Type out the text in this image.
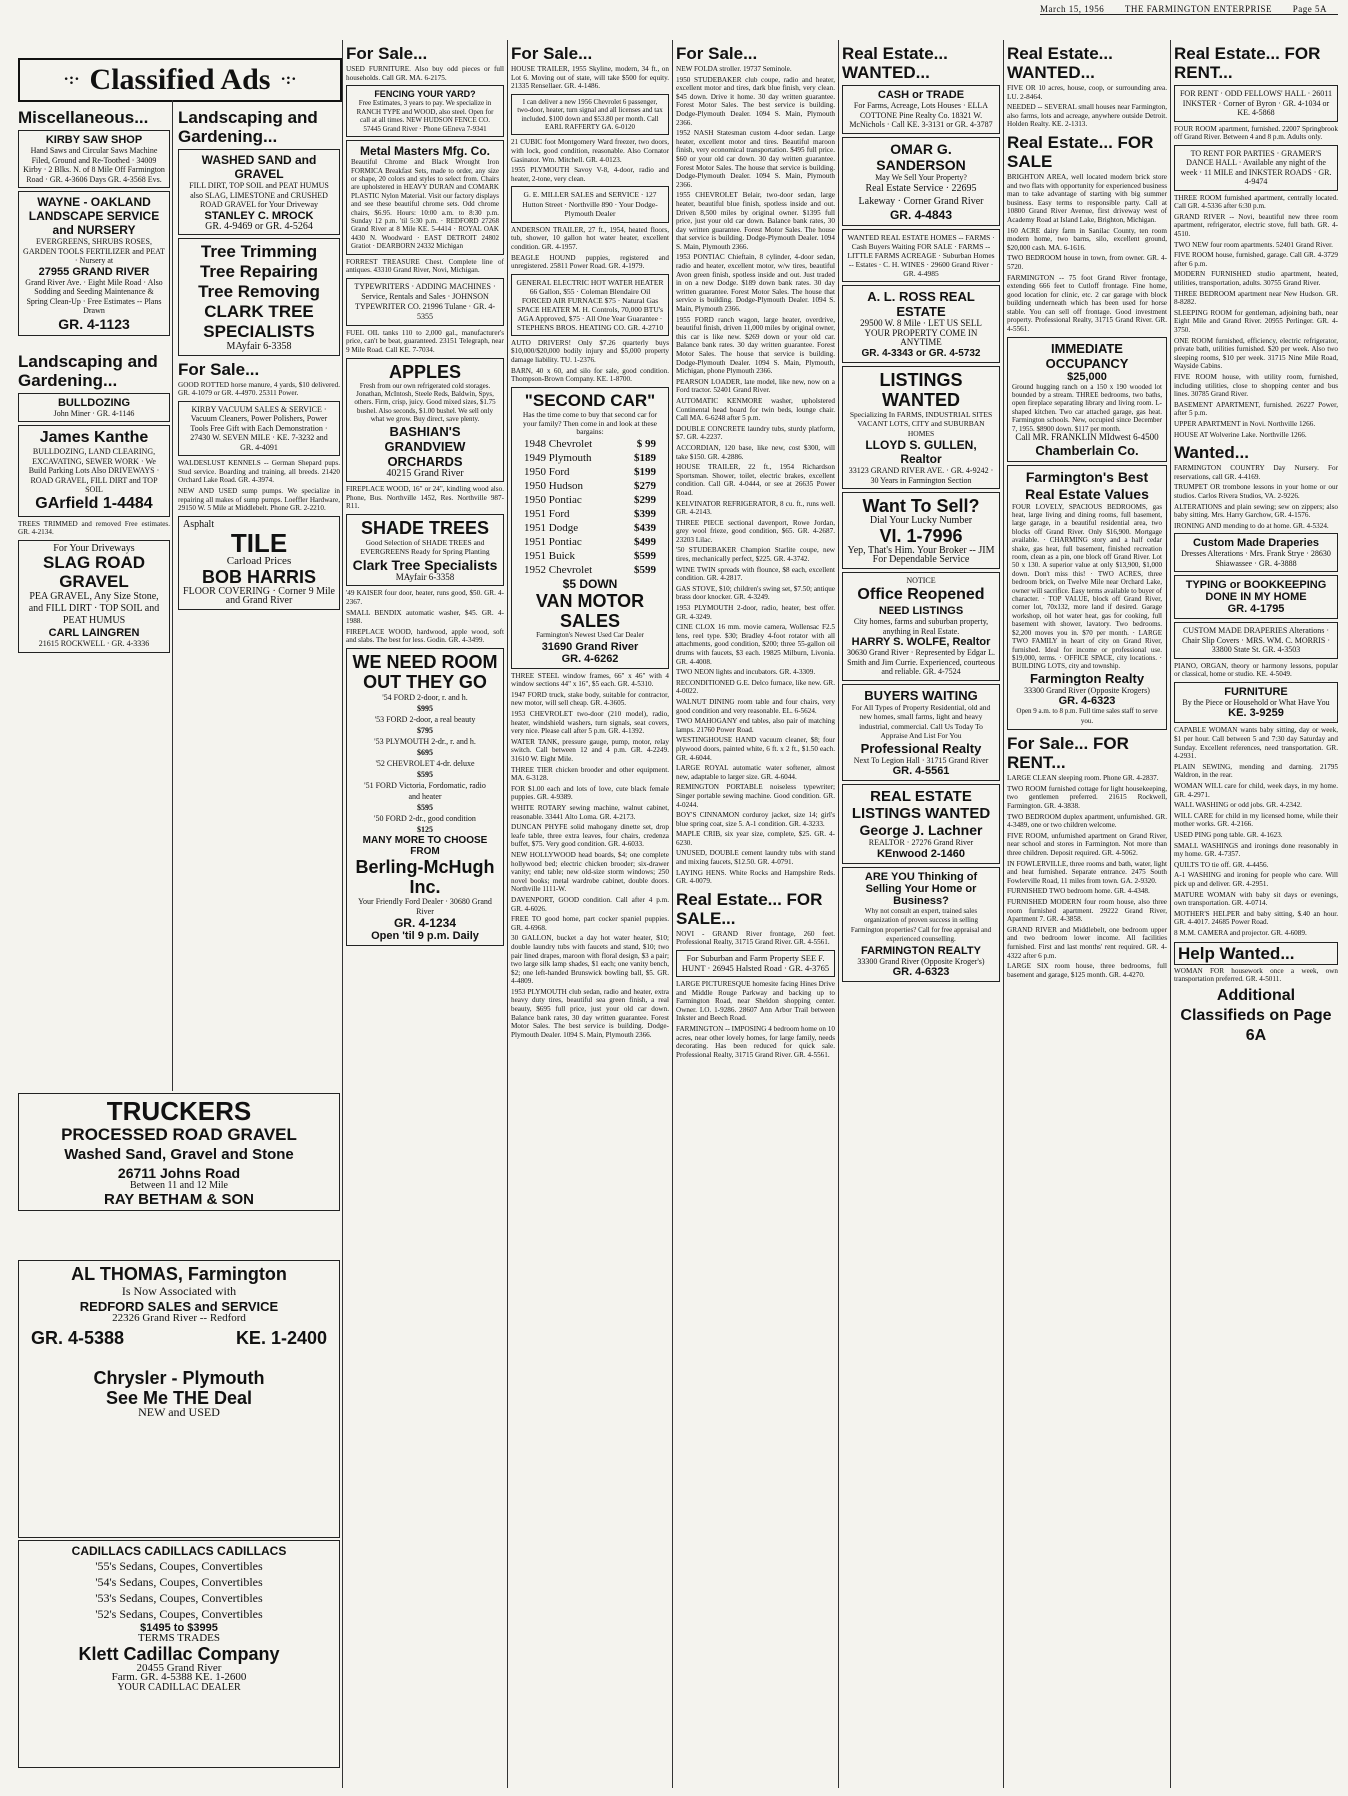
March 15, 1956 THE FARMINGTON ENTERPRISE Page 5A
·:· Classified Ads ·:·
Miscellaneous...
KIRBY SAW SHOP
Hand Saws and Circular Saws Machine Filed, Ground and Re-Toothed · 34009 Kirby · 2 Blks. N. of 8 Mile Off Farmington Road · GR. 4-3606 Days GR. 4-3568 Evs.
WAYNE - OAKLAND LANDSCAPE SERVICE and NURSERY
EVERGREENS, SHRUBS ROSES, GARDEN TOOLS FERTILIZER and PEAT · Nursery at
27955 GRAND RIVER
Grand River Ave. · Eight Mile Road · Also Sodding and Seeding Maintenance & Spring Clean-Up · Free Estimates -- Plans Drawn
GR. 4-1123
Landscaping and Gardening...
BULLDOZING
John Miner · GR. 4-1146
James Kanthe
BULLDOZING, LAND CLEARING, EXCAVATING, SEWER WORK · We Build Parking Lots Also DRIVEWAYS · ROAD GRAVEL, FILL DIRT and TOP SOIL
GArfield 1-4484
TREES TRIMMED and removed Free estimates. GR. 4-2134.
For Your Driveways
SLAG ROAD GRAVEL
PEA GRAVEL, Any Size Stone, and FILL DIRT · TOP SOIL and PEAT HUMUS
CARL LAINGREN
21615 ROCKWELL · GR. 4-3336
Landscaping and Gardening...
WASHED SAND and GRAVEL
FILL DIRT, TOP SOIL and PEAT HUMUS also SLAG, LIMESTONE and CRUSHED ROAD GRAVEL for Your Driveway
STANLEY C. MROCK
GR. 4-9469 or GR. 4-5264
Tree Trimming
Tree Repairing
Tree Removing
CLARK TREE SPECIALISTS
MAyfair 6-3358
For Sale...
GOOD ROTTED horse manure, 4 yards, $10 delivered. GR. 4-1079 or GR. 4-4970. 25311 Power.
KIRBY VACUUM SALES & SERVICE · Vacuum Cleaners, Power Polishers, Power Tools Free Gift with Each Demonstration · 27430 W. SEVEN MILE · KE. 7-3232 and GR. 4-4091
WALDESLUST KENNELS -- German Shepard pups. Stud service. Boarding and training, all breeds. 21420 Orchard Lake Road. GR. 4-3974.
NEW AND USED sump pumps. We specialize in repairing all makes of sump pumps. Loeffler Hardware, 29150 W. 5 Mile at Middlebelt. Phone GR. 2-2210.
Asphalt
TILE
Carload Prices
BOB HARRIS
FLOOR COVERING · Corner 9 Mile and Grand River
TRUCKERS
PROCESSED ROAD GRAVEL
Washed Sand, Gravel and Stone
26711 Johns Road
Between 11 and 12 Mile
RAY BETHAM & SON
AL THOMAS, Farmington
Is Now Associated with
REDFORD SALES and SERVICE
22326 Grand River -- Redford
GR. 4-5388	KE. 1-2400
Chrysler - Plymouth
See Me THE Deal
NEW and USED
CADILLACS CADILLACS CADILLACS
'55's Sedans, Coupes, Convertibles
'54's Sedans, Coupes, Convertibles
'53's Sedans, Coupes, Convertibles
'52's Sedans, Coupes, Convertibles
$1495 to $3995
TERMS TRADES
Klett Cadillac Company
20455 Grand River
Farm. GR. 4-5388 KE. 1-2600
YOUR CADILLAC DEALER
For Sale...
USED FURNITURE. Also buy odd pieces or full households. Call GR. MA. 6-2175.
FENCING YOUR YARD?
Free Estimates, 3 years to pay. We specialize in RANCH TYPE and WOOD, also steel. Open for call at all times. NEW HUDSON FENCE CO. 57445 Grand River · Phone GEneva 7-9341
Metal Masters Mfg. Co.
Beautiful Chrome and Black Wrought Iron FORMICA Breakfast Sets, made to order, any size or shape, 20 colors and styles to select from. Chairs are upholstered in HEAVY DURAN and COMARK PLASTIC Nylon Material. Visit our factory displays and see these beautiful chrome sets. Odd chrome chairs, $6.95. Hours: 10:00 a.m. to 8:30 p.m. Sunday 12 p.m. 'til 5:30 p.m. · REDFORD 27268 Grand River at 8 Mile KE. 5-4414 · ROYAL OAK 4430 N. Woodward · EAST DETROIT 24802 Gratiot · DEARBORN 24332 Michigan
FORREST TREASURE Chest. Complete line of antiques. 43310 Grand River, Novi, Michigan.
TYPEWRITERS · ADDING MACHINES · Service, Rentals and Sales · JOHNSON TYPEWRITER CO. 21996 Tulane · GR. 4-5355
FUEL OIL tanks 110 to 2,000 gal., manufacturer's price, can't be beat, guaranteed. 23151 Telegraph, near 9 Mile Road. Call KE. 7-7034.
APPLES
Fresh from our own refrigerated cold storages. Jonathan, McIntosh, Steele Reds, Baldwin, Spys, others. Firm, crisp, juicy. Good mixed sizes, $1.75 bushel. Also seconds, $1.00 bushel. We sell only what we grow. Buy direct, save plenty.
BASHIAN'S GRANDVIEW ORCHARDS
40215 Grand River
FIREPLACE WOOD, 16" or 24", kindling wood also. Phone, Bus. Northville 1452, Res. Northville 987-R11.
SHADE TREES
Good Selection of SHADE TREES and EVERGREENS Ready for Spring Planting
Clark Tree Specialists
MAyfair 6-3358
'49 KAISER four door, heater, runs good, $50. GR. 4-2367.
SMALL BENDIX automatic washer, $45. GR. 4-1988.
FIREPLACE WOOD, hardwood, apple wood, soft and slabs. The best for less. Godin. GR. 4-3499.
WE NEED ROOM OUT THEY GO
'54 FORD 2-door, r. and h.
$995
'53 FORD 2-door, a real beauty
$795
'53 PLYMOUTH 2-dr., r. and h.
$695
'52 CHEVROLET 4-dr. deluxe
$595
'51 FORD Victoria, Fordomatic, radio and heater
$595
'50 FORD 2-dr., good condition
$125
MANY MORE TO CHOOSE FROM
Berling-McHugh Inc.
Your Friendly Ford Dealer · 30680 Grand River
GR. 4-1234
Open 'til 9 p.m. Daily
For Sale...
HOUSE TRAILER, 1955 Skyline, modern, 34 ft., on Lot 6. Moving out of state, will take $500 for equity. 21335 Rensellaer. GR. 4-1486.
I can deliver a new 1956 Chevrolet 6 passenger, two-door, heater, turn signal and all licenses and tax included. $100 down and $53.80 per month. Call EARL RAFFERTY GA. 6-0120
21 CUBIC foot Montgomery Ward freezer, two doors, with lock, good condition, reasonable. Also Cornator Gasinator. Wm. Mitchell. GR. 4-0123.
1955 PLYMOUTH Savoy V-8, 4-door, radio and heater, 2-tone, very clean.
G. E. MILLER SALES and SERVICE · 127 Hutton Street · Northville 890 · Your Dodge-Plymouth Dealer
ANDERSON TRAILER, 27 ft., 1954, heated floors, tub, shower, 10 gallon hot water heater, excellent condition. GR. 4-1957.
BEAGLE HOUND puppies, registered and unregistered. 25811 Power Road. GR. 4-1979.
GENERAL ELECTRIC HOT WATER HEATER 66 Gallon, $55 · Coleman Blendaire Oil FORCED AIR FURNACE $75 · Natural Gas SPACE HEATER M. H. Controls, 70,000 BTU's AGA Approved, $75 · All One Year Guarantee · STEPHENS BROS. HEATING CO. GR. 4-2710
AUTO DRIVERS! Only $7.26 quarterly buys $10,000/$20,000 bodily injury and $5,000 property damage liability. TU. 1-2376.
BARN, 40 x 60, and silo for sale, good condition. Thompson-Brown Company. KE. 1-8700.
"SECOND CAR"
Has the time come to buy that second car for your family? Then come in and look at these bargains:
1948 Chevrolet	$ 99
1949 Plymouth	$189
1950 Ford	$199
1950 Hudson	$279
1950 Pontiac	$299
1951 Ford	$399
1951 Dodge	$439
1951 Pontiac	$499
1951 Buick	$599
1952 Chevrolet	$599
$5 DOWN
VAN MOTOR SALES
Farmington's Newest Used Car Dealer
31690 Grand River
GR. 4-6262
THREE STEEL window frames, 66" x 46" with 4 window sections 44" x 16", $5 each. GR. 4-5310.
1947 FORD truck, stake body, suitable for contractor, new motor, will sell cheap. GR. 4-3605.
1953 CHEVROLET two-door (210 model), radio, heater, windshield washers, turn signals, seat covers, very nice. Please call after 5 p.m. GR. 4-1392.
WATER TANK, pressure gauge, pump, motor, relay switch. Call between 12 and 4 p.m. GR. 4-2249. 31610 W. Eight Mile.
THREE TIER chicken brooder and other equipment. MA. 6-3128.
FOR $1.00 each and lots of love, cute black female puppies. GR. 4-9389.
WHITE ROTARY sewing machine, walnut cabinet, reasonable. 33441 Alto Loma. GR. 4-2173.
DUNCAN PHYFE solid mahogany dinette set, drop leafe table, three extra leaves, four chairs, credenza buffet, $75. Very good condition. GR. 4-6033.
NEW HOLLYWOOD head boards, $4; one complete hollywood bed; electric chicken brooder; six-drawer vanity; end table; new old-size storm windows; 250 novel books; metal wardrobe cabinet, double doors. Northville 1111-W.
DAVENPORT, GOOD condition. Call after 4 p.m. GR. 4-6026.
FREE TO good home, part cocker spaniel puppies. GR. 4-6968.
30 GALLON, bucket a day hot water heater, $10; double laundry tubs with faucets and stand, $10; two pair lined drapes, maroon with floral design, $3 a pair; two large silk lamp shades, $1 each; one vanity bench, $2; one left-handed Brunswick bowling ball, $5. GR. 4-4809.
1953 PLYMOUTH club sedan, radio and heater, extra heavy duty tires, beautiful sea green finish, a real beauty, $695 full price, just your old car down. Balance bank rates, 30 day written guarantee. Forest Motor Sales. The best service is building. Dodge-Plymouth Dealer. 1094 S. Main, Plymouth 2366.
For Sale...
NEW FOLDA stroller. 19737 Seminole.
1950 STUDEBAKER club coupe, radio and heater, excellent motor and tires, dark blue finish, very clean. $45 down. Drive it home. 30 day written guarantee. Forest Motor Sales. The best service is building. Dodge-Plymouth Dealer. 1094 S. Main, Plymouth 2366.
1952 NASH Statesman custom 4-door sedan. Large heater, excellent motor and tires. Beautiful maroon finish, very economical transportation. $495 full price. $60 or your old car down. 30 day written guarantee. Forest Motor Sales. The house that service is building. Dodge-Plymouth Dealer. 1094 S. Main, Plymouth 2366.
1955 CHEVROLET Belair, two-door sedan, large heater, beautiful blue finish, spotless inside and out. Driven 8,500 miles by original owner. $1395 full price, just your old car down. Balance bank rates, 30 day written guarantee. Forest Motor Sales. The house that service is building. Dodge-Plymouth Dealer. 1094 S. Main, Plymouth 2366.
1953 PONTIAC Chieftain, 8 cylinder, 4-door sedan, radio and heater, excellent motor, w/w tires, beautiful Avon green finish, spotless inside and out. Just traded in on a new Dodge. $189 down bank rates. 30 day written guarantee. Forest Motor Sales. The house that service is building. Dodge-Plymouth Dealer. 1094 S. Main, Plymouth 2366.
1955 FORD ranch wagon, large heater, overdrive, beautiful finish, driven 11,000 miles by original owner, this car is like new. $269 down or your old car. Balance bank rates. 30 day written guarantee. Forest Motor Sales. The house that service is building. Dodge-Plymouth Dealer. 1094 S. Main, Plymouth, Michigan, phone Plymouth 2366.
PEARSON LOADER, late model, like new, now on a Ford tractor. 52401 Grand River.
AUTOMATIC KENMORE washer, upholstered Continental head board for twin beds, lounge chair. Call MA. 6-6248 after 5 p.m.
DOUBLE CONCRETE laundry tubs, sturdy platform, $7. GR. 4-2237.
ACCORDIAN, 120 base, like new, cost $300, will take $150. GR. 4-2886.
HOUSE TRAILER, 22 ft., 1954 Richardson Sportsman. Shower, toilet, electric brakes, excellent condition. Call GR. 4-0444, or see at 26635 Power Road.
KELVINATOR REFRIGERATOR, 8 cu. ft., runs well. GR. 4-2143.
THREE PIECE sectional davenport, Rowe Jordan, grey wool frieze, good condition, $65. GR. 4-2687. 23203 Lilac.
'50 STUDEBAKER Champion Starlite coupe, new tires, mechanically perfect, $225. GR. 4-3742.
WINE TWIN spreads with flounce, $8 each, excellent condition. GR. 4-2817.
GAS STOVE, $10; children's swing set, $7.50; antique brass door knocker. GR. 4-3249.
1953 PLYMOUTH 2-door, radio, heater, best offer. GR. 4-3249.
CINE CLOX 16 mm. movie camera, Wollensac F2.5 lens, reel type. $30; Bradley 4-foot rotator with all attachments, good condition, $200; three 55-gallon oil drums with faucets, $3 each. 19825 Milburn, Livonia. GR. 4-4008.
TWO NEON lights and incubators. GR. 4-3309.
RECONDITIONED G.E. Delco furnace, like new. GR. 4-0022.
WALNUT DINING room table and four chairs, very good condition and very reasonable. EL. 6-5624.
TWO MAHOGANY end tables, also pair of matching lamps. 21760 Power Road.
WESTINGHOUSE HAND vacuum cleaner, $8; four plywood doors, painted white, 6 ft. x 2 ft., $1.50 each. GR. 4-6044.
LARGE ROYAL automatic water softener, almost new, adaptable to larger size. GR. 4-6044.
REMINGTON PORTABLE noiseless typewriter; Singer portable sewing machine. Good condition. GR. 4-0244.
BOY'S CINNAMON corduroy jacket, size 14; girl's blue spring coat, size 5. A-1 condition. GR. 4-3233.
MAPLE CRIB, six year size, complete, $25. GR. 4-6230.
UNUSED, DOUBLE cement laundry tubs with stand and mixing faucets, $12.50. GR. 4-0791.
LAYING HENS. White Rocks and Hampshire Reds. GR. 4-0079.
Real Estate... FOR SALE...
NOVI - GRAND River frontage, 260 feet. Professional Realty, 31715 Grand River. GR. 4-5561.
For Suburban and Farm Property SEE F. HUNT · 26945 Halsted Road · GR. 4-3765
LARGE PICTURESQUE homesite facing Hines Drive and Middle Rouge Parkway and backing up to Farmington Road, near Sheldon shopping center. Owner. LO. 1-9286. 28607 Ann Arbor Trail between Inkster and Beech Road.
FARMINGTON -- IMPOSING 4 bedroom home on 10 acres, near other lovely homes, for large family, needs decorating. Has been reduced for quick sale. Professional Realty, 31715 Grand River. GR. 4-5561.
Real Estate... WANTED...
CASH or TRADE
For Farms, Acreage, Lots Houses · ELLA COTTONE Pine Realty Co. 18321 W. McNichols · Call KE. 3-3131 or GR. 4-3787
OMAR G. SANDERSON
May We Sell Your Property?
Real Estate Service · 22695 Lakeway · Corner Grand River
GR. 4-4843
WANTED REAL ESTATE HOMES -- FARMS · Cash Buyers Waiting FOR SALE · FARMS -- LITTLE FARMS ACREAGE · Suburban Homes -- Estates · C. H. WINES · 29600 Grand River · GR. 4-4985
A. L. ROSS REAL ESTATE
29500 W. 8 Mile · LET US SELL YOUR PROPERTY COME IN ANYTIME
GR. 4-3343 or GR. 4-5732
LISTINGS WANTED
Specializing In FARMS, INDUSTRIAL SITES VACANT LOTS, CITY and SUBURBAN HOMES
LLOYD S. GULLEN, Realtor
33123 GRAND RIVER AVE. · GR. 4-9242 · 30 Years in Farmington Section
Want To Sell?
Dial Your Lucky Number
VI. 1-7996
Yep, That's Him. Your Broker -- JIM For Dependable Service
NOTICE
Office Reopened
NEED LISTINGS
City homes, farms and suburban property, anything in Real Estate.
HARRY S. WOLFE, Realtor
30630 Grand River · Represented by Edgar L. Smith and Jim Currie. Experienced, courteous and reliable. GR. 4-7524
BUYERS WAITING
For All Types of Property Residential, old and new homes, small farms, light and heavy industrial, commercial. Call Us Today To Appraise And List For You
Professional Realty
Next To Legion Hall · 31715 Grand River
GR. 4-5561
REAL ESTATE LISTINGS WANTED
George J. Lachner
REALTOR · 27276 Grand River
KEnwood 2-1460
ARE YOU Thinking of Selling Your Home or Business?
Why not consult an expert, trained sales organization of proven success in selling Farmington properties? Call for free appraisal and experienced counselling.
FARMINGTON REALTY
33300 Grand River (Opposite Kroger's)
GR. 4-6323
Real Estate... WANTED...
FIVE OR 10 acres, house, coop, or surrounding area. LU. 2-8464.
NEEDED -- SEVERAL small houses near Farmington, also farms, lots and acreage, anywhere outside Detroit. Holden Realty. KE. 2-1313.
Real Estate... FOR SALE
BRIGHTON AREA, well located modern brick store and two flats with opportunity for experienced business man to take advantage of starting with big summer business. Easy terms to responsible party. Call at 10800 Grand River Avenue, first driveway west of Academy Road at Island Lake, Brighton, Michigan.
160 ACRE dairy farm in Sanilac County, ten room modern home, two barns, silo, excellent ground, $20,000 cash. MA. 6-1616.
TWO BEDROOM house in town, from owner. GR. 4-5720.
FARMINGTON -- 75 foot Grand River frontage, extending 666 feet to Cutloff frontage. Fine home, good location for clinic, etc. 2 car garage with block building underneath which has been used for horse stable. You can sell off frontage. Good investment property. Professional Realty, 31715 Grand River. GR. 4-5561.
IMMEDIATE OCCUPANCY
$25,000
Ground hugging ranch on a 150 x 190 wooded lot bounded by a stream. THREE bedrooms, two baths, open fireplace separating library and living room. L-shaped kitchen. Two car attached garage, gas heat. Farmington schools. New, occupied since December 7, 1955. $8900 down. $117 per month.
Call MR. FRANKLIN MIdwest 6-4500
Chamberlain Co.
Farmington's Best Real Estate Values
FOUR LOVELY, SPACIOUS BEDROOMS, gas heat, large living and dining rooms, full basement, large garage, in a beautiful residential area, two blocks off Grand River. Only $16,900. Mortgage available. · CHARMING story and a half cedar shake, gas heat, full basement, finished recreation room, clean as a pin, one block off Grand River. Lot 50 x 130. A superior value at only $13,900, $1,000 down. Don't miss this! · TWO ACRES, three bedroom brick, on Twelve Mile near Orchard Lake, owner will sacrifice. Easy terms available to buyer of character. · TOP VALUE, block off Grand River, corner lot, 70x132, more land if desired. Garage workshop, oil hot water heat, gas for cooking, full basement with shower, lavatory. Two bedrooms. $2,200 moves you in. $70 per month. · LARGE TWO FAMILY in heart of city on Grand River, furnished. Ideal for income or professional use. $19,000, terms. · OFFICE SPACE, city locations. · BUILDING LOTS, city and township.
Farmington Realty
33300 Grand River (Opposite Krogers)
GR. 4-6323
Open 9 a.m. to 8 p.m. Full time sales staff to serve you.
For Sale... FOR RENT...
LARGE CLEAN sleeping room. Phone GR. 4-2837.
TWO ROOM furnished cottage for light housekeeping, two gentlemen preferred. 21615 Rockwell, Farmington. GR. 4-3838.
TWO BEDROOM duplex apartment, unfurnished. GR. 4-3489, one or two children welcome.
FIVE ROOM, unfurnished apartment on Grand River, near school and stores in Farmington. Not more than three children. Deposit required. GR. 4-5062.
IN FOWLERVILLE, three rooms and bath, water, light and heat furnished. Separate entrance. 2475 South Fowlerville Road, 11 miles from town. GA. 2-9320.
FURNISHED TWO bedroom home. GR. 4-4348.
FURNISHED MODERN four room house, also three room furnished apartment. 29222 Grand River, Apartment 7. GR. 4-3858.
GRAND RIVER and Middlebelt, one bedroom upper and two bedroom lower income. All facilities furnished. First and last months' rent required. GR. 4-4322 after 6 p.m.
LARGE SIX room house, three bedrooms, full basement and garage, $125 month. GR. 4-4270.
Real Estate... FOR RENT...
FOR RENT · ODD FELLOWS' HALL · 26011 INKSTER · Corner of Byron · GR. 4-1034 or KE. 4-5868
FOUR ROOM apartment, furnished. 22007 Springbrook off Grand River. Between 4 and 8 p.m. Adults only.
TO RENT FOR PARTIES · GRAMER'S DANCE HALL · Available any night of the week · 11 MILE and INKSTER ROADS · GR. 4-9474
THREE ROOM furnished apartment, centrally located. Call GR. 4-5336 after 6:30 p.m.
GRAND RIVER -- Novi, beautiful new three room apartment, refrigerator, electric stove, full bath. GR. 4-4510.
TWO NEW four room apartments. 52401 Grand River.
FIVE ROOM house, furnished, garage. Call GR. 4-3729 after 6 p.m.
MODERN FURNISHED studio apartment, heated, utilities, transportation, adults. 30755 Grand River.
THREE BEDROOM apartment near New Hudson. GR. 8-8282.
SLEEPING ROOM for gentleman, adjoining bath, near Eight Mile and Grand River. 20955 Perlinger. GR. 4-3750.
ONE ROOM furnished, efficiency, electric refrigerator, private bath, utilities furnished. $20 per week. Also two sleeping rooms, $10 per week. 31715 Nine Mile Road, Wayside Cabins.
FIVE ROOM house, with utility room, furnished, including utilities, close to shopping center and bus lines. 30785 Grand River.
BASEMENT APARTMENT, furnished. 26227 Power, after 5 p.m.
UPPER APARTMENT in Novi. Northville 1266.
HOUSE AT Wolverine Lake. Northville 1266.
Wanted...
FARMINGTON COUNTRY Day Nursery. For reservations, call GR. 4-4169.
TRUMPET OR trombone lessons in your home or our studios. Carlos Rivera Studios, VA. 2-9226.
ALTERATIONS and plain sewing; sew on zippers; also baby sitting. Mrs. Harry Garchow, GR. 4-1576.
IRONING AND mending to do at home. GR. 4-5324.
Custom Made Draperies
Dresses Alterations · Mrs. Frank Strye · 28630 Shiawassee · GR. 4-3888
TYPING or BOOKKEEPING DONE IN MY HOME
GR. 4-1795
CUSTOM MADE DRAPERIES Alterations · Chair Slip Covers · MRS. WM. C. MORRIS · 33800 State St. GR. 4-3503
PIANO, ORGAN, theory or harmony lessons, popular or classical, home or studio. KE. 4-5049.
FURNITURE
By the Piece or Household or What Have You
KE. 3-9259
CAPABLE WOMAN wants baby sitting, day or week, $1 per hour. Call between 5 and 7:30 day Saturday and Sunday. Excellent references, need transportation. GR. 4-2931.
PLAIN SEWING, mending and darning. 21795 Waldron, in the rear.
WOMAN WILL care for child, week days, in my home. GR. 4-2971.
WALL WASHING or odd jobs. GR. 4-2342.
WILL CARE for child in my licensed home, while their mother works. GR. 4-2166.
USED PING pong table. GR. 4-1623.
SMALL WASHINGS and ironings done reasonably in my home. GR. 4-7357.
QUILTS TO tie off. GR. 4-4456.
A-1 WASHING and ironing for people who care. Will pick up and deliver. GR. 4-2951.
MATURE WOMAN with baby sit days or evenings, own transportation. GR. 4-0714.
MOTHER'S HELPER and baby sitting, $.40 an hour. GR. 4-4017. 24685 Power Road.
8 M.M. CAMERA and projector. GR. 4-6089.
Help Wanted...
WOMAN FOR housework once a week, own transportation preferred. GR. 4-5011.
Additional Classifieds on Page 6A
